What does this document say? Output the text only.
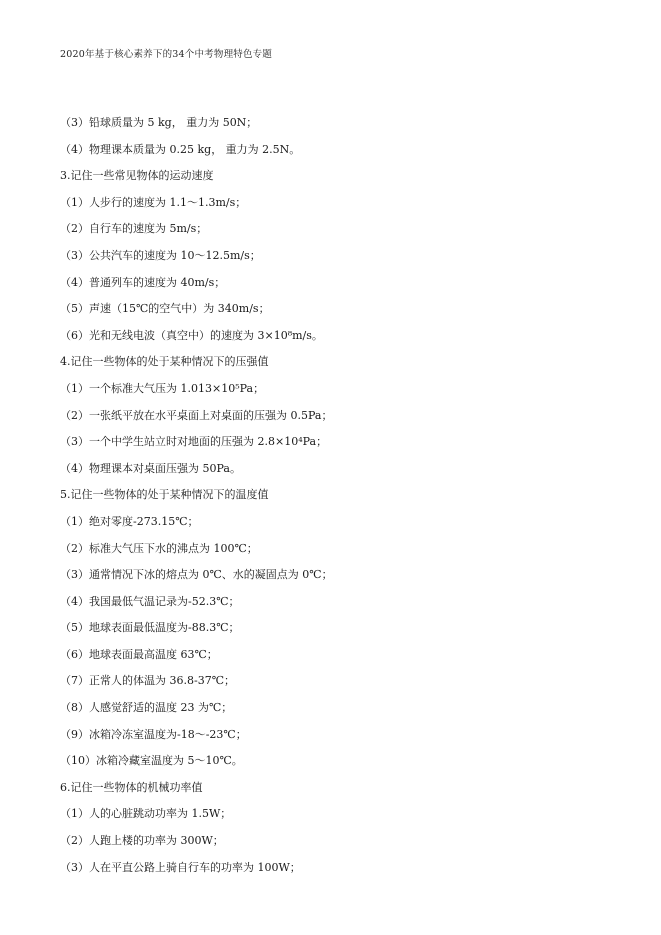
2020年基于核心素养下的34个中考物理特色专题
（3）铅球质量为 5 kg， 重力为 50N；
（4）物理课本质量为 0.25 kg， 重力为 2.5N。
3.记住一些常见物体的运动速度
（1）人步行的速度为 1.1～1.3m/s；
（2）自行车的速度为 5m/s；
（3）公共汽车的速度为 10～12.5m/s；
（4）普通列车的速度为 40m/s；
（5）声速（15℃的空气中）为 340m/s；
（6）光和无线电波（真空中）的速度为 3×10⁸m/s。
4.记住一些物体的处于某种情况下的压强值
（1）一个标准大气压为 1.013×10⁵Pa；
（2）一张纸平放在水平桌面上对桌面的压强为 0.5Pa；
（3）一个中学生站立时对地面的压强为 2.8×10⁴Pa；
（4）物理课本对桌面压强为 50Pa。
5.记住一些物体的处于某种情况下的温度值
（1）绝对零度-273.15℃；
（2）标准大气压下水的沸点为 100℃；
（3）通常情况下冰的熔点为 0℃、水的凝固点为 0℃；
（4）我国最低气温记录为-52.3℃；
（5）地球表面最低温度为-88.3℃；
（6）地球表面最高温度 63℃；
（7）正常人的体温为 36.8-37℃；
（8）人感觉舒适的温度 23 为℃；
（9）冰箱冷冻室温度为-18～-23℃；
（10）冰箱冷藏室温度为 5～10℃。
6.记住一些物体的机械功率值
（1）人的心脏跳动功率为 1.5W；
（2）人跑上楼的功率为 300W；
（3）人在平直公路上骑自行车的功率为 100W；
